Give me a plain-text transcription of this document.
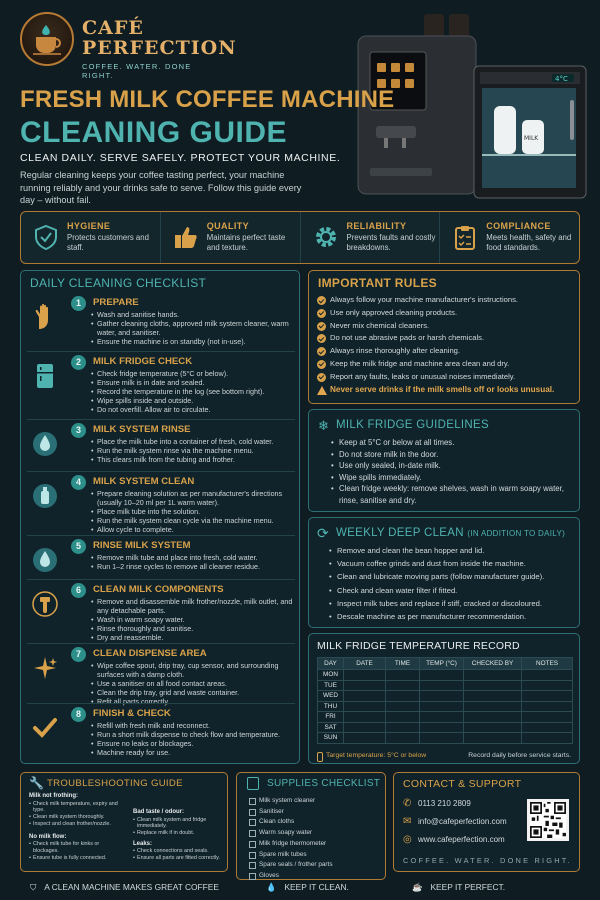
CAFÉ
PERFECTION
COFFEE. WATER. DONE RIGHT.	4°C
MILK
FRESH MILK COFFEE MACHINE
CLEANING GUIDE
CLEAN DAILY. SERVE SAFELY. PROTECT YOUR MACHINE.
Regular cleaning keeps your coffee tasting perfect, your machine running reliably and your drinks safe to serve. Follow this guide every day – without fail.
HYGIENE
Protects customers and staff.
QUALITY
Maintains perfect taste and texture.
RELIABILITY
Prevents faults and costly breakdowns.
COMPLIANCE
Meets health, safety and food standards.
DAILY CLEANING CHECKLIST
1	PREPARE
• Wash and sanitise hands.
• Gather cleaning cloths, approved milk system cleaner, warm water, and sanitiser.
• Ensure the machine is on standby (not in-use).
2	MILK FRIDGE CHECK
• Check fridge temperature (5°C or below).
• Ensure milk is in date and sealed.
• Record the temperature in the log (see bottom right).
• Wipe spills inside and outside.
• Do not overfill. Allow air to circulate.
3	MILK SYSTEM RINSE
• Place the milk tube into a container of fresh, cold water.
• Run the milk system rinse via the machine menu.
• This clears milk from the tubing and frother.
4	MILK SYSTEM CLEAN
• Prepare cleaning solution as per manufacturer's directions (usually 10–20 ml per 1L warm water).
• Place milk tube into the solution.
• Run the milk system clean cycle via the machine menu.
• Allow cycle to complete.
5	RINSE MILK SYSTEM
• Remove milk tube and place into fresh, cold water.
• Run 1–2 rinse cycles to remove all cleaner residue.
6	CLEAN MILK COMPONENTS
• Remove and disassemble milk frother/nozzle, milk outlet, and any detachable parts.
• Wash in warm soapy water.
• Rinse thoroughly and sanitise.
• Dry and reassemble.
7	CLEAN DISPENSE AREA
• Wipe coffee spout, drip tray, cup sensor, and surrounding surfaces with a damp cloth.
• Use a sanitiser on all food contact areas.
• Clean the drip tray, grid and waste container.
• Refit all parts correctly.
8	FINISH & CHECK
• Refill with fresh milk and reconnect.
• Run a short milk dispense to check flow and temperature.
• Ensure no leaks or blockages.
• Machine ready for use.
IMPORTANT RULES
Always follow your machine manufacturer's instructions.
Use only approved cleaning products.
Never mix chemical cleaners.
Do not use abrasive pads or harsh chemicals.
Always rinse thoroughly after cleaning.
Keep the milk fridge and machine area clean and dry.
Report any faults, leaks or unusual noises immediately.
Never serve drinks if the milk smells off or looks unusual.
❄ MILK FRIDGE GUIDELINES
• Keep at 5°C or below at all times.
• Do not store milk in the door.
• Use only sealed, in-date milk.
• Wipe spills immediately.
• Clean fridge weekly: remove shelves, wash in warm soapy water, rinse, sanitise and dry.
⟳ WEEKLY DEEP CLEAN (IN ADDITION TO DAILY)
• Remove and clean the bean hopper and lid.
• Vacuum coffee grinds and dust from inside the machine.
• Clean and lubricate moving parts (follow manufacturer guide).
• Check and clean water filter if fitted.
• Inspect milk tubes and replace if stiff, cracked or discoloured.
• Descale machine as per manufacturer recommendation.
MILK FRIDGE TEMPERATURE RECORD
DAY	DATE	TIME	TEMP (°C)	CHECKED BY	NOTES
MON					
TUE					
WED					
THU					
FRI					
SAT					
SUN					
Target temperature: 5°C or below	Record daily before service starts.
🔧 TROUBLESHOOTING GUIDE
Milk not frothing:
• Check milk temperature, expiry and type.
• Clean milk system thoroughly.
• Inspect and clean frother/nozzle.
No milk flow:
• Check milk tube for kinks or blockages.
• Ensure tube is fully connected.
Bad taste / odour:
• Clean milk system and fridge immediately.
• Replace milk if in doubt.
Leaks:
• Check connections and seals.
• Ensure all parts are fitted correctly.
SUPPLIES CHECKLIST
Milk system cleaner
Sanitiser
Clean cloths
Warm soapy water
Milk fridge thermometer
Spare milk tubes
Spare seals / frother parts
Gloves
CONTACT & SUPPORT
✆ 0113 210 2809
✉ info@cafeperfection.com
◎ www.cafeperfection.com
COFFEE. WATER. DONE RIGHT.
⛉ A CLEAN MACHINE MAKES GREAT COFFEE	💧 KEEP IT CLEAN.	☕ KEEP IT PERFECT.
